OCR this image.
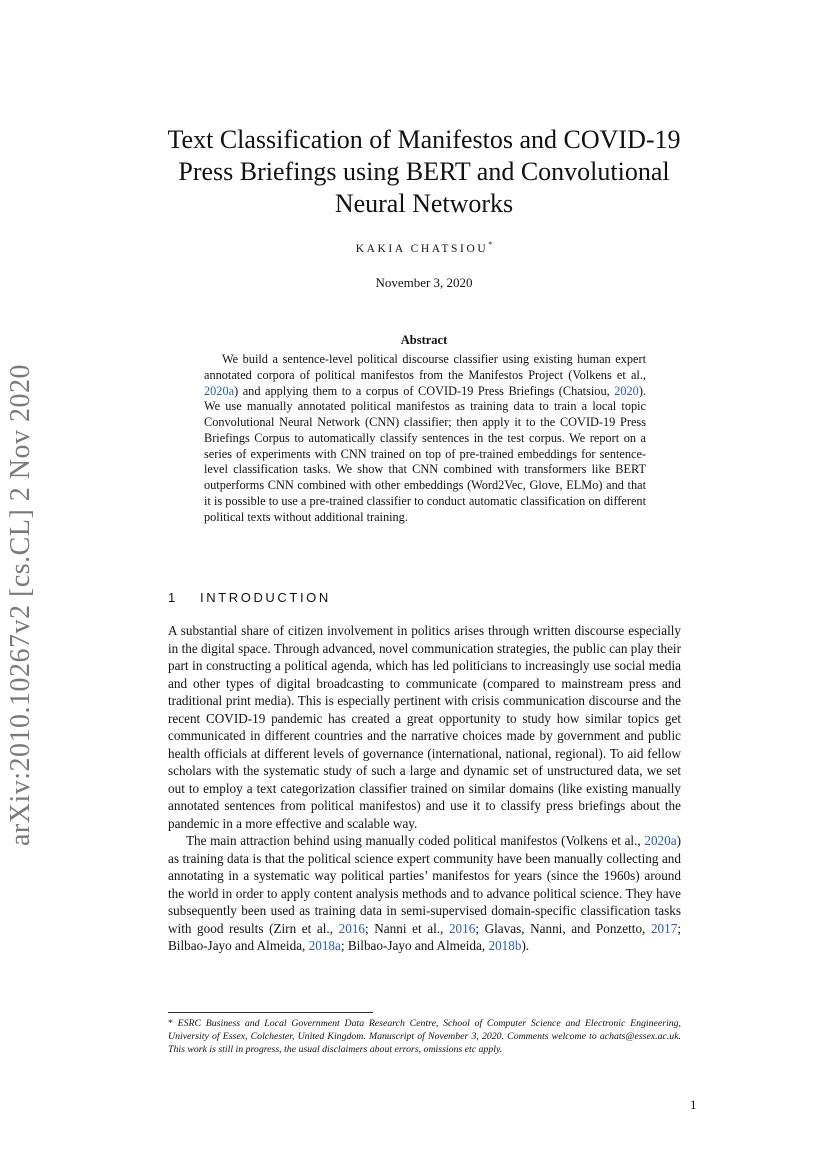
arXiv:2010.10267v2 [cs.CL] 2 Nov 2020
Text Classification of Manifestos and COVID-19
Press Briefings using BERT and Convolutional
Neural Networks
KAKIA CHATSIOU*
November 3, 2020
Abstract

We build a sentence-level political discourse classifier using existing human expert annotated corpora of political manifestos from the Manifestos Project (Volkens et al., 2020a) and applying them to a corpus of COVID-19 Press Briefings (Chatsiou, 2020). We use manually annotated political manifestos as training data to train a local topic Convolutional Neural Network (CNN) classifier; then apply it to the COVID-19 Press Briefings Corpus to automatically classify sentences in the test corpus. We report on a series of experiments with CNN trained on top of pre-trained embeddings for sentence-level classification tasks. We show that CNN combined with transformers like BERT outperforms CNN combined with other embeddings (Word2Vec, Glove, ELMo) and that it is possible to use a pre-trained classifier to conduct automatic classification on different political texts without additional training.

1 INTRODUCTION

A substantial share of citizen involvement in politics arises through written discourse especially in the digital space. Through advanced, novel communication strategies, the public can play their part in constructing a political agenda, which has led politicians to increasingly use social media and other types of digital broadcasting to communicate (compared to mainstream press and traditional print media). This is especially pertinent with crisis communication discourse and the recent COVID-19 pandemic has created a great opportunity to study how similar topics get communicated in different countries and the narrative choices made by government and public health officials at different levels of governance (international, national, regional). To aid fellow scholars with the systematic study of such a large and dynamic set of unstructured data, we set out to employ a text categorization classifier trained on similar domains (like existing manually annotated sentences from political manifestos) and use it to classify press briefings about the pandemic in a more effective and scalable way.

The main attraction behind using manually coded political manifestos (Volkens et al., 2020a) as training data is that the political science expert community have been manually collecting and annotating in a systematic way political parties’ manifestos for years (since the 1960s) around the world in order to apply content analysis methods and to advance political science. They have subsequently been used as training data in semi-supervised domain-specific classification tasks with good results (Zirn et al., 2016; Nanni et al., 2016; Glavas, Nanni, and Ponzetto, 2017; Bilbao-Jayo and Almeida, 2018a; Bilbao-Jayo and Almeida, 2018b).

* ESRC Business and Local Government Data Research Centre, School of Computer Science and Electronic Engineering, University of Essex, Colchester, United Kingdom. Manuscript of November 3, 2020. Comments welcome to achats@essex.ac.uk. This work is still in progress, the usual disclaimers about errors, omissions etc apply.

1
